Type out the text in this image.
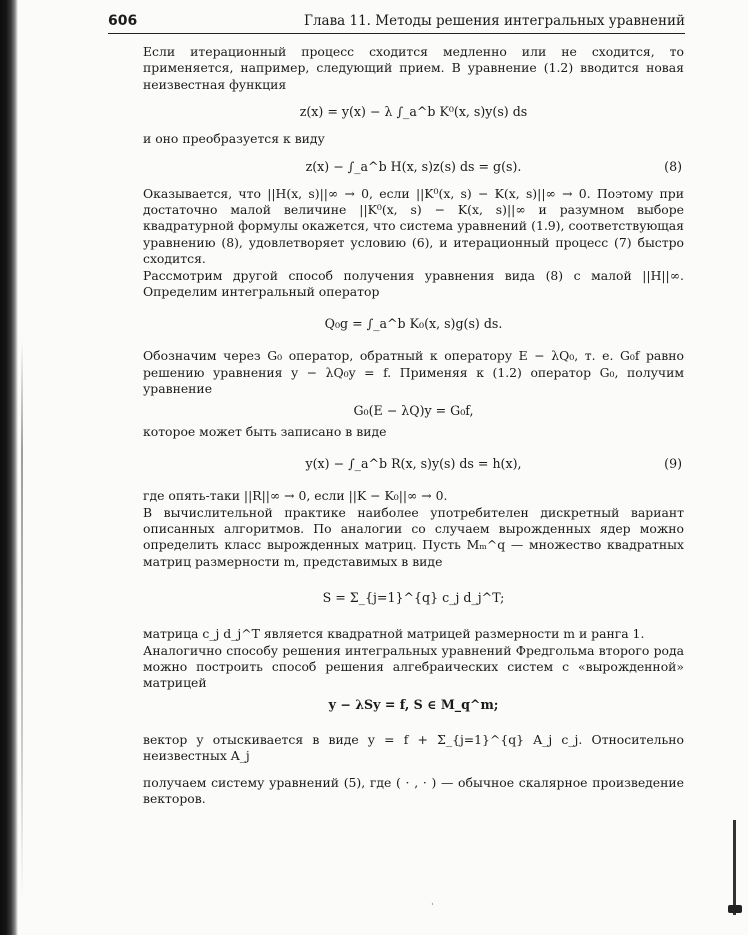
606	Глава 11. Методы решения интегральных уравнений

Если итерационный процесс сходится медленно или не сходится, то применяется, например, следующий прием. В уравнение (1.2) вводится новая неизвестная функция

z(x) = y(x) − λ ∫_a^b K⁰(x, s)y(s) ds

и оно преобразуется к виду

z(x) − ∫_a^b H(x, s)z(s) ds = g(s).	(8)

Оказывается, что ||H(x, s)||∞ → 0, если ||K⁰(x, s) − K(x, s)||∞ → 0. Поэтому при достаточно малой величине ||K⁰(x, s) − K(x, s)||∞ и разумном выборе квадратурной формулы окажется, что система уравнений (1.9), соответствующая уравнению (8), удовлетворяет условию (6), и итерационный процесс (7) быстро сходится.

Рассмотрим другой способ получения уравнения вида (8) с малой ||H||∞. Определим интегральный оператор

Q₀g = ∫_a^b K₀(x, s)g(s) ds.

Обозначим через G₀ оператор, обратный к оператору E − λQ₀, т. е. G₀f равно решению уравнения y − λQ₀y = f. Применяя к (1.2) оператор G₀, получим уравнение

G₀(E − λQ)y = G₀f,

которое может быть записано в виде

y(x) − ∫_a^b R(x, s)y(s) ds = h(x),	(9)

где опять-таки ||R||∞ → 0, если ||K − K₀||∞ → 0.

В вычислительной практике наиболее употребителен дискретный вариант описанных алгоритмов. По аналогии со случаем вырожденных ядер можно определить класс вырожденных матриц. Пусть Mₘ^q — множество квадратных матриц размерности m, представимых в виде

S = Σ_{j=1}^{q} c_j d_j^T;

матрица c_j d_j^T является квадратной матрицей размерности m и ранга 1.

Аналогично способу решения интегральных уравнений Фредгольма второго рода можно построить способ решения алгебраических систем с «вырожденной» матрицей

y − λSy = f, S ∈ M_q^m;

вектор y отыскивается в виде y = f + Σ_{j=1}^{q} A_j c_j. Относительно неизвестных A_j

получаем систему уравнений (5), где ( · , · ) — обычное скалярное произведение векторов.

ˈ
